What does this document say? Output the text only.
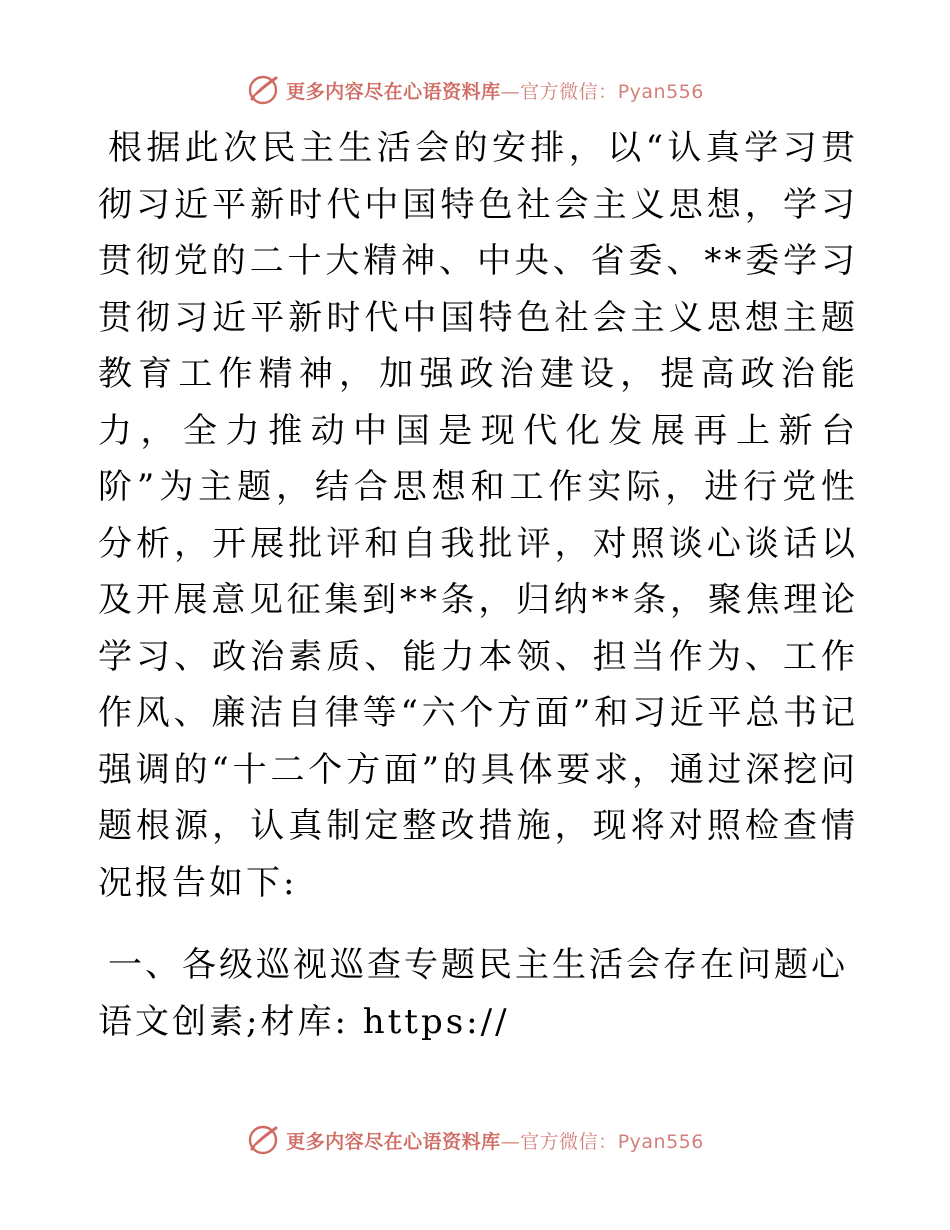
更多内容尽在心语资料库—官方微信：Pyan556

根据此次民主生活会的安排，以“认真学习贯彻习近平新时代中国特色社会主义思想，学习贯彻党的二十大精神、中央、省委、**委学习贯彻习近平新时代中国特色社会主义思想主题教育工作精神，加强政治建设，提高政治能力，全力推动中国是现代化发展再上新台阶”为主题，结合思想和工作实际，进行党性分析，开展批评和自我批评，对照谈心谈话以及开展意见征集到**条，归纳**条，聚焦理论学习、政治素质、能力本领、担当作为、工作作风、廉洁自律等“六个方面”和习近平总书记强调的“十二个方面”的具体要求，通过深挖问题根源，认真制定整改措施，现将对照检查情况报告如下:

一、各级巡视巡查专题民主生活会存在问题心语文创素;材库: https://

更多内容尽在心语资料库—官方微信：Pyan556
